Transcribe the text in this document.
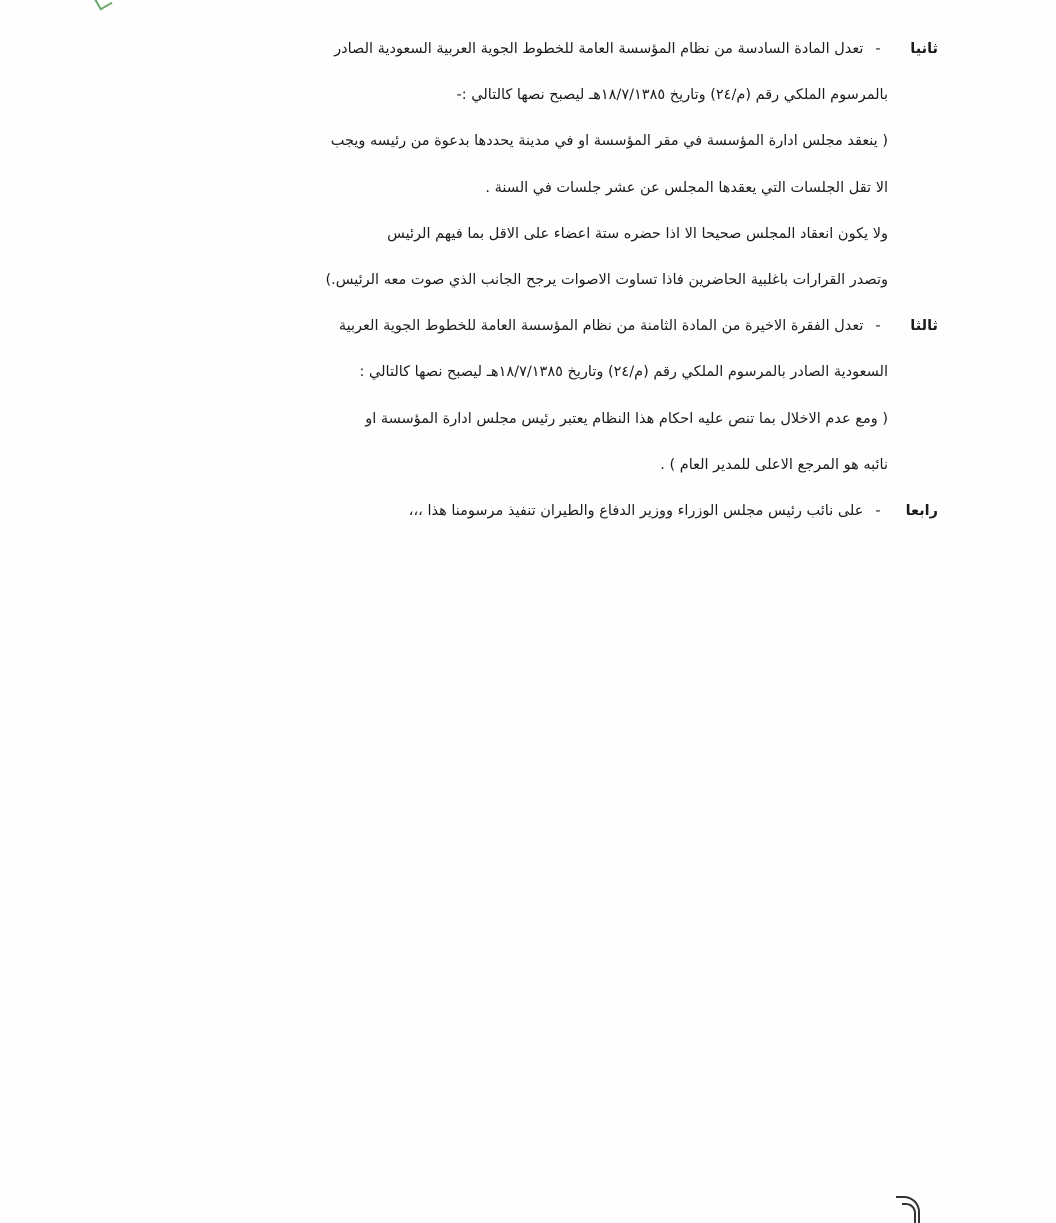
ثانيا- تعدل المادة السادسة من نظام المؤسسة العامة للخطوط الجوية العربية السعودية الصادر
بالمرسوم الملكي رقم (م/٢٤) وتاريخ ١٨/٧/١٣٨٥هـ ليصبح نصها كالتالي :-
( ينعقد مجلس ادارة المؤسسة في مقر المؤسسة او في مدينة يحددها بدعوة من رئيسه ويجب
الا تقل الجلسات التي يعقدها المجلس عن عشر جلسات في السنة .
ولا يكون انعقاد المجلس صحيحا الا اذا حضره ستة اعضاء على الاقل بما فيهم الرئيس
وتصدر القرارات باغلبية الحاضرين فاذا تساوت الاصوات يرجح الجانب الذي صوت معه الرئيس.)
ثالثا- تعدل الفقرة الاخيرة من المادة الثامنة من نظام المؤسسة العامة للخطوط الجوية العربية
السعودية الصادر بالمرسوم الملكي رقم (م/٢٤) وتاريخ ١٨/٧/١٣٨٥هـ ليصبح نصها كالتالي :
( ومع عدم الاخلال بما تنص عليه احكام هذا النظام يعتبر رئيس مجلس ادارة المؤسسة او
نائبه هو المرجع الاعلى للمدير العام ) .
رابعا- على نائب رئيس مجلس الوزراء ووزير الدفاع والطيران تنفيذ مرسومنا هذا ،،،
